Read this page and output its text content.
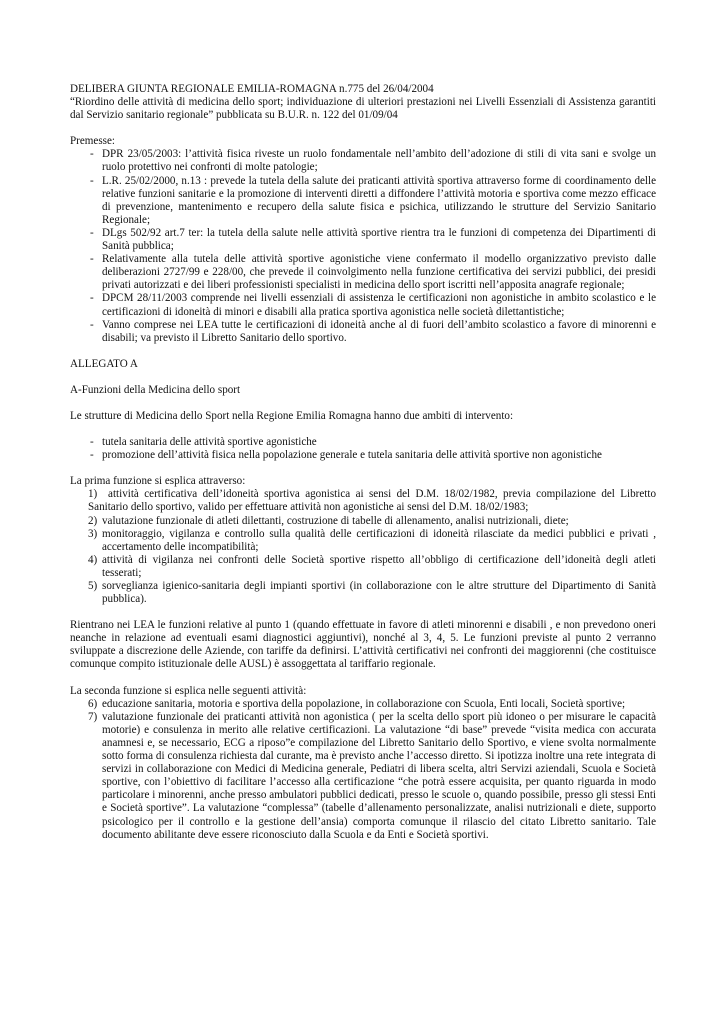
DELIBERA GIUNTA REGIONALE EMILIA-ROMAGNA n.775 del 26/04/2004

“Riordino delle attività di medicina dello sport; individuazione di ulteriori prestazioni nei Livelli Essenziali di Assistenza garantiti dal Servizio sanitario regionale” pubblicata su B.U.R. n. 122 del 01/09/04

Premesse:

- DPR 23/05/2003: l’attività fisica riveste un ruolo fondamentale nell’ambito dell’adozione di stili di vita sani e svolge un ruolo protettivo nei confronti di molte patologie;
- L.R. 25/02/2000, n.13 : prevede la tutela della salute dei praticanti attività sportiva attraverso forme di coordinamento delle relative funzioni sanitarie e la promozione di interventi diretti a diffondere l’attività motoria e sportiva come mezzo efficace di prevenzione, mantenimento e recupero della salute fisica e psichica, utilizzando le strutture del Servizio Sanitario Regionale;
- DLgs 502/92 art.7 ter: la tutela della salute nelle attività sportive rientra tra le funzioni di competenza dei Dipartimenti di Sanità pubblica;
- Relativamente alla tutela delle attività sportive agonistiche viene confermato il modello organizzativo previsto dalle deliberazioni 2727/99 e 228/00, che prevede il coinvolgimento nella funzione certificativa dei servizi pubblici, dei presidi privati autorizzati e dei liberi professionisti specialisti in medicina dello sport iscritti nell’apposita anagrafe regionale;
- DPCM 28/11/2003 comprende nei livelli essenziali di assistenza le certificazioni non agonistiche in ambito scolastico e le certificazioni di idoneità di minori e disabili alla pratica sportiva agonistica nelle società dilettantistiche;
- Vanno comprese nei LEA tutte le certificazioni di idoneità anche al di fuori dell’ambito scolastico a favore di minorenni e disabili; va previsto il Libretto Sanitario dello sportivo.

ALLEGATO A

A-Funzioni della Medicina dello sport

Le strutture di Medicina dello Sport nella Regione Emilia Romagna hanno due ambiti di intervento:

- tutela sanitaria delle attività sportive agonistiche
- promozione dell’attività fisica nella popolazione generale e tutela sanitaria delle attività sportive non agonistiche

La prima funzione si esplica attraverso:

1) attività certificativa dell’idoneità sportiva agonistica ai sensi del D.M. 18/02/1982, previa compilazione del Libretto Sanitario dello sportivo, valido per effettuare attività non agonistiche ai sensi del D.M. 18/02/1983;

2) valutazione funzionale di atleti dilettanti, costruzione di tabelle di allenamento, analisi nutrizionali, diete;
3) monitoraggio, vigilanza e controllo sulla qualità delle certificazioni di idoneità rilasciate da medici pubblici e privati , accertamento delle incompatibilità;
4) attività di vigilanza nei confronti delle Società sportive rispetto all’obbligo di certificazione dell’idoneità degli atleti tesserati;
5) sorveglianza igienico-sanitaria degli impianti sportivi (in collaborazione con le altre strutture del Dipartimento di Sanità pubblica).

Rientrano nei LEA le funzioni relative al punto 1 (quando effettuate in favore di atleti minorenni e disabili , e non prevedono oneri neanche in relazione ad eventuali esami diagnostici aggiuntivi), nonché al 3, 4, 5. Le funzioni previste al punto 2 verranno sviluppate a discrezione delle Aziende, con tariffe da definirsi. L’attività certificativi nei confronti dei maggiorenni (che costituisce comunque compito istituzionale delle AUSL) è assoggettata al tariffario regionale.

La seconda funzione si esplica nelle seguenti attività:

6) educazione sanitaria, motoria e sportiva della popolazione, in collaborazione con Scuola, Enti locali, Società sportive;
7) valutazione funzionale dei praticanti attività non agonistica ( per la scelta dello sport più idoneo o per misurare le capacità motorie) e consulenza in merito alle relative certificazioni. La valutazione “di base” prevede “visita medica con accurata anamnesi e, se necessario, ECG a riposo”e compilazione del Libretto Sanitario dello Sportivo, e viene svolta normalmente sotto forma di consulenza richiesta dal curante, ma è previsto anche l’accesso diretto. Si ipotizza inoltre una rete integrata di servizi in collaborazione con Medici di Medicina generale, Pediatri di libera scelta, altri Servizi aziendali, Scuola e Società sportive, con l’obiettivo di facilitare l’accesso alla certificazione “che potrà essere acquisita, per quanto riguarda in modo particolare i minorenni, anche presso ambulatori pubblici dedicati, presso le scuole o, quando possibile, presso gli stessi Enti e Società sportive”. La valutazione “complessa” (tabelle d’allenamento personalizzate, analisi nutrizionali e diete, supporto psicologico per il controllo e la gestione dell’ansia) comporta comunque il rilascio del citato Libretto sanitario. Tale documento abilitante deve essere riconosciuto dalla Scuola e da Enti e Società sportivi.
